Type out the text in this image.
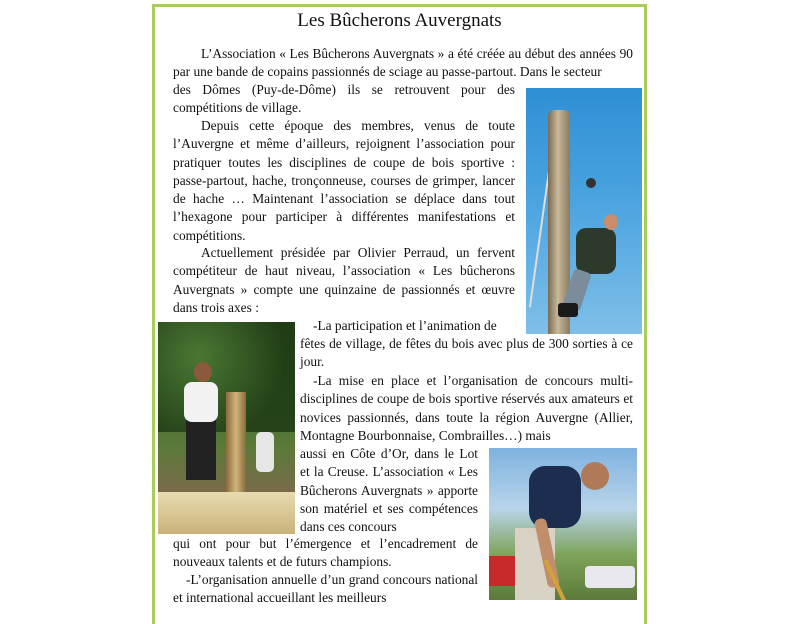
Les Bûcherons Auvergnats

L’Association « Les Bûcherons Auvergnats » a été créée au début des années 90 par une bande de copains passionnés de sciage au passe-partout. Dans le secteur

des Dômes (Puy-de-Dôme) ils se retrouvent pour des compétitions de village.

Depuis cette époque des membres, venus de toute l’Auvergne et même d’ailleurs, rejoignent l’association pour pratiquer toutes les disciplines de coupe de bois sportive : passe-partout, hache, tronçonneuse, courses de grimper, lancer de hache … Maintenant l’association se déplace dans tout l’hexagone pour participer à différentes manifestations et compétitions.

Actuellement présidée par Olivier Perraud, un fervent compétiteur de haut niveau, l’association « Les bûcherons Auvergnats » compte une quinzaine de passionnés et œuvre dans trois axes :

-La participation et l’animation de

fêtes de village, de fêtes du bois avec plus de 300 sorties à ce jour.

-La mise en place et l’organisation de concours multi-disciplines de coupe de bois sportive réservés aux amateurs et novices passionnés, dans toute la région Auvergne (Allier, Montagne Bourbonnaise, Combrailles…) mais

aussi en Côte d’Or, dans le Lot et la Creuse. L’association « Les Bûcherons Auvergnats » apporte son matériel et ses compétences dans ces concours

qui ont pour but l’émergence et l’encadrement de nouveaux talents et de futurs champions.

-L’organisation annuelle d’un grand concours national et international accueillant les meilleurs
